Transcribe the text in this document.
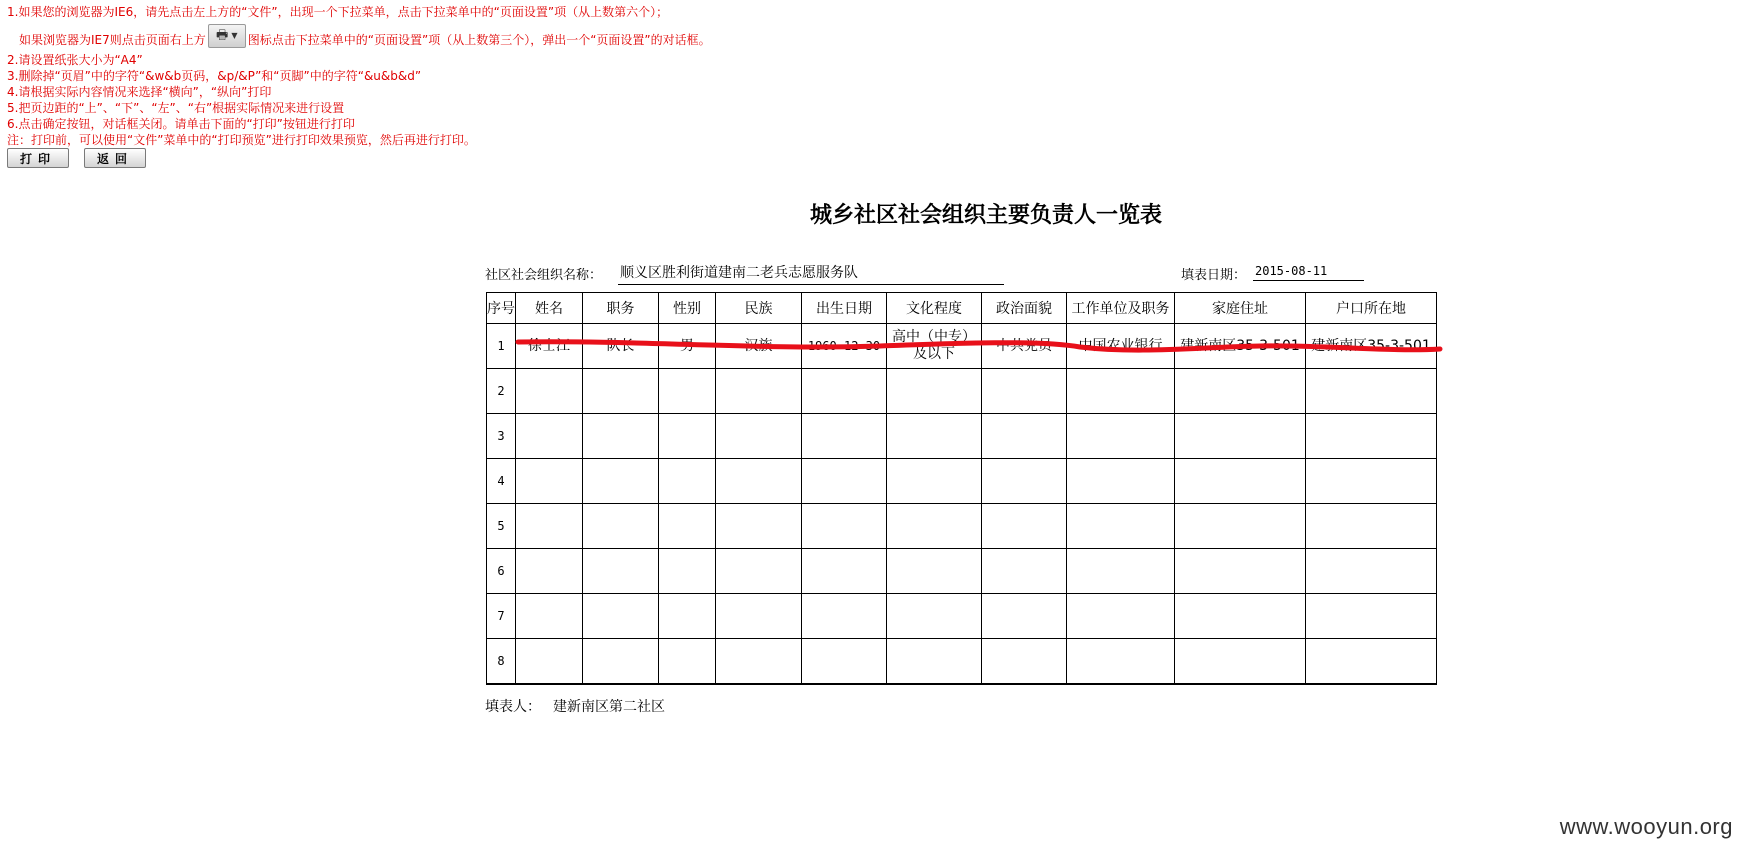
1.如果您的浏览器为IE6，请先点击左上方的“文件”，出现一个下拉菜单，点击下拉菜单中的“页面设置”项（从上数第六个）；
如果浏览器为IE7则点击页面右上方 🖶 ▼ 图标点击下拉菜单中的“页面设置”项（从上数第三个），弹出一个“页面设置”的对话框。
2.请设置纸张大小为“A4”
3.删除掉“页眉”中的字符“&w&b页码，&p/&P”和“页脚”中的字符“&u&b&d”
4.请根据实际内容情况来选择“横向”，“纵向”打印
5.把页边距的“上”、“下”、“左”、“右”根据实际情况来进行设置
6.点击确定按钮，对话框关闭。请单击下面的“打印”按钮进行打印
注：打印前，可以使用“文件”菜单中的“打印预览”进行打印效果预览，然后再进行打印。
打印	返回
城乡社区社会组织主要负责人一览表
社区社会组织名称： 顺义区胜利街道建南二老兵志愿服务队	填表日期： 2015-08-11
序号	姓名	职务	性别	民族	出生日期	文化程度	政治面貌	工作单位及职务	家庭住址	户口所在地
1	徐士江	队长	男	汉族	1960-12-30	高中（中专）及以下	中共党员	中国农业银行	建新南区35-3-501	建新南区35-3-501
2										
3										
4										
5										
6										
7										
8										
填表人： 建新南区第二社区
www.wooyun.org
